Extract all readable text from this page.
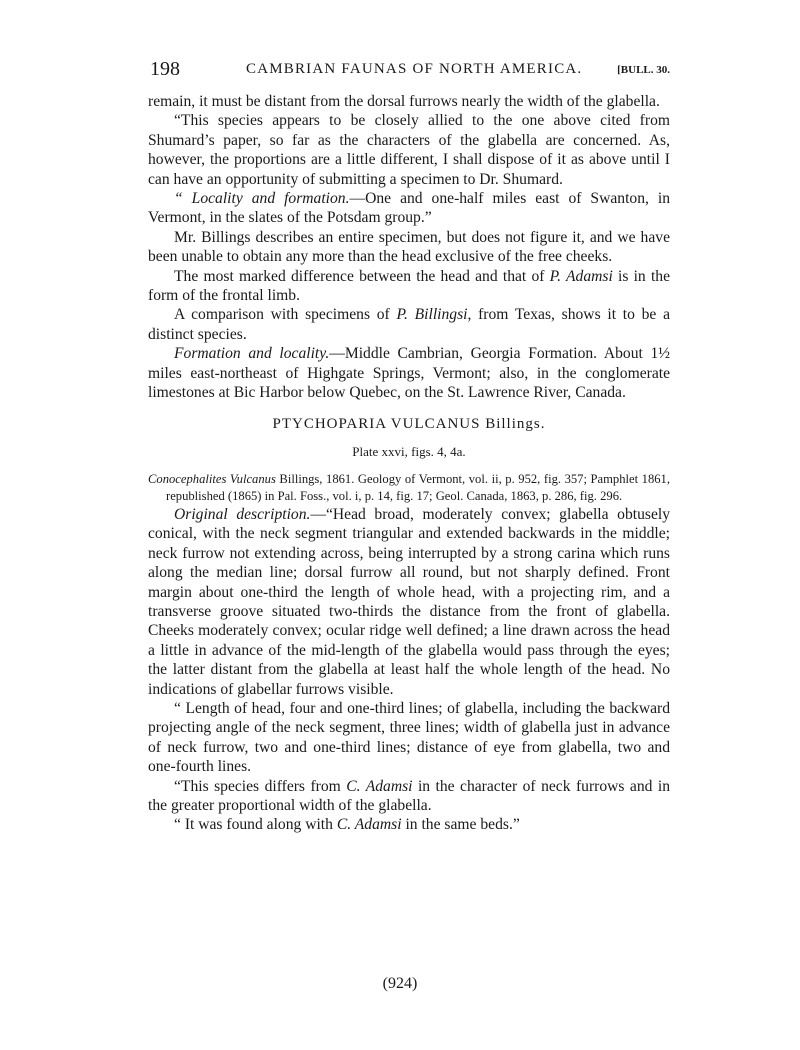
198	CAMBRIAN FAUNAS OF NORTH AMERICA.	[BULL. 30.

remain, it must be distant from the dorsal furrows nearly the width of the glabella.

“This species appears to be closely allied to the one above cited from Shumard’s paper, so far as the characters of the glabella are concerned. As, however, the proportions are a little different, I shall dispose of it as above until I can have an opportunity of submitting a specimen to Dr. Shumard.

“ Locality and formation.—One and one-half miles east of Swanton, in Vermont, in the slates of the Potsdam group.”

Mr. Billings describes an entire specimen, but does not figure it, and we have been unable to obtain any more than the head exclusive of the free cheeks.

The most marked difference between the head and that of P. Adamsi is in the form of the frontal limb.

A comparison with specimens of P. Billingsi, from Texas, shows it to be a distinct species.

Formation and locality.—Middle Cambrian, Georgia Formation. About 1½ miles east-northeast of Highgate Springs, Vermont; also, in the conglomerate limestones at Bic Harbor below Quebec, on the St. Lawrence River, Canada.

PTYCHOPARIA VULCANUS Billings.
Plate xxvi, figs. 4, 4a.

Conocephalites Vulcanus Billings, 1861. Geology of Vermont, vol. ii, p. 952, fig. 357; Pamphlet 1861, republished (1865) in Pal. Foss., vol. i, p. 14, fig. 17; Geol. Canada, 1863, p. 286, fig. 296.

Original description.—“Head broad, moderately convex; glabella obtusely conical, with the neck segment triangular and extended backwards in the middle; neck furrow not extending across, being interrupted by a strong carina which runs along the median line; dorsal furrow all round, but not sharply defined. Front margin about one-third the length of whole head, with a projecting rim, and a transverse groove situated two-thirds the distance from the front of glabella. Cheeks moderately convex; ocular ridge well defined; a line drawn across the head a little in advance of the mid-length of the glabella would pass through the eyes; the latter distant from the glabella at least half the whole length of the head. No indications of glabellar furrows visible.

“ Length of head, four and one-third lines; of glabella, including the backward projecting angle of the neck segment, three lines; width of glabella just in advance of neck furrow, two and one-third lines; distance of eye from glabella, two and one-fourth lines.

“This species differs from C. Adamsi in the character of neck furrows and in the greater proportional width of the glabella.

“ It was found along with C. Adamsi in the same beds.”

(924)
